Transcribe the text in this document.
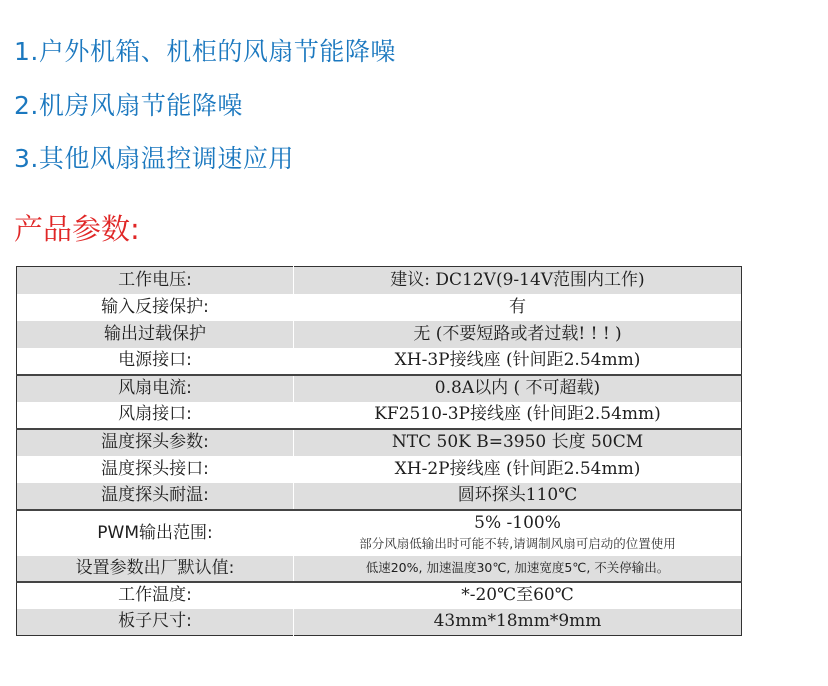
1.户外机箱、机柜的风扇节能降噪
2.机房风扇节能降噪
3.其他风扇温控调速应用
产品参数:
工作电压:	建议: DC12V(9-14V范围内工作)
输入反接保护:	有
输出过载保护	无 (不要短路或者过载! ! ! )
电源接口:	XH-3P接线座 (针间距2.54mm)
风扇电流:	0.8A以内 ( 不可超载)
风扇接口:	KF2510-3P接线座 (针间距2.54mm)
温度探头参数:	NTC 50K B=3950 长度 50CM
温度探头接口:	XH-2P接线座 (针间距2.54mm)
温度探头耐温:	圆环探头110℃
PWM输出范围:	5% -100%
部分风扇低输出时可能不转,请调制风扇可启动的位置使用

设置参数出厂默认值:	低速20%, 加速温度30℃, 加速宽度5℃, 不关停输出。
工作温度:	*-20℃至60℃
板子尺寸:	43mm*18mm*9mm
